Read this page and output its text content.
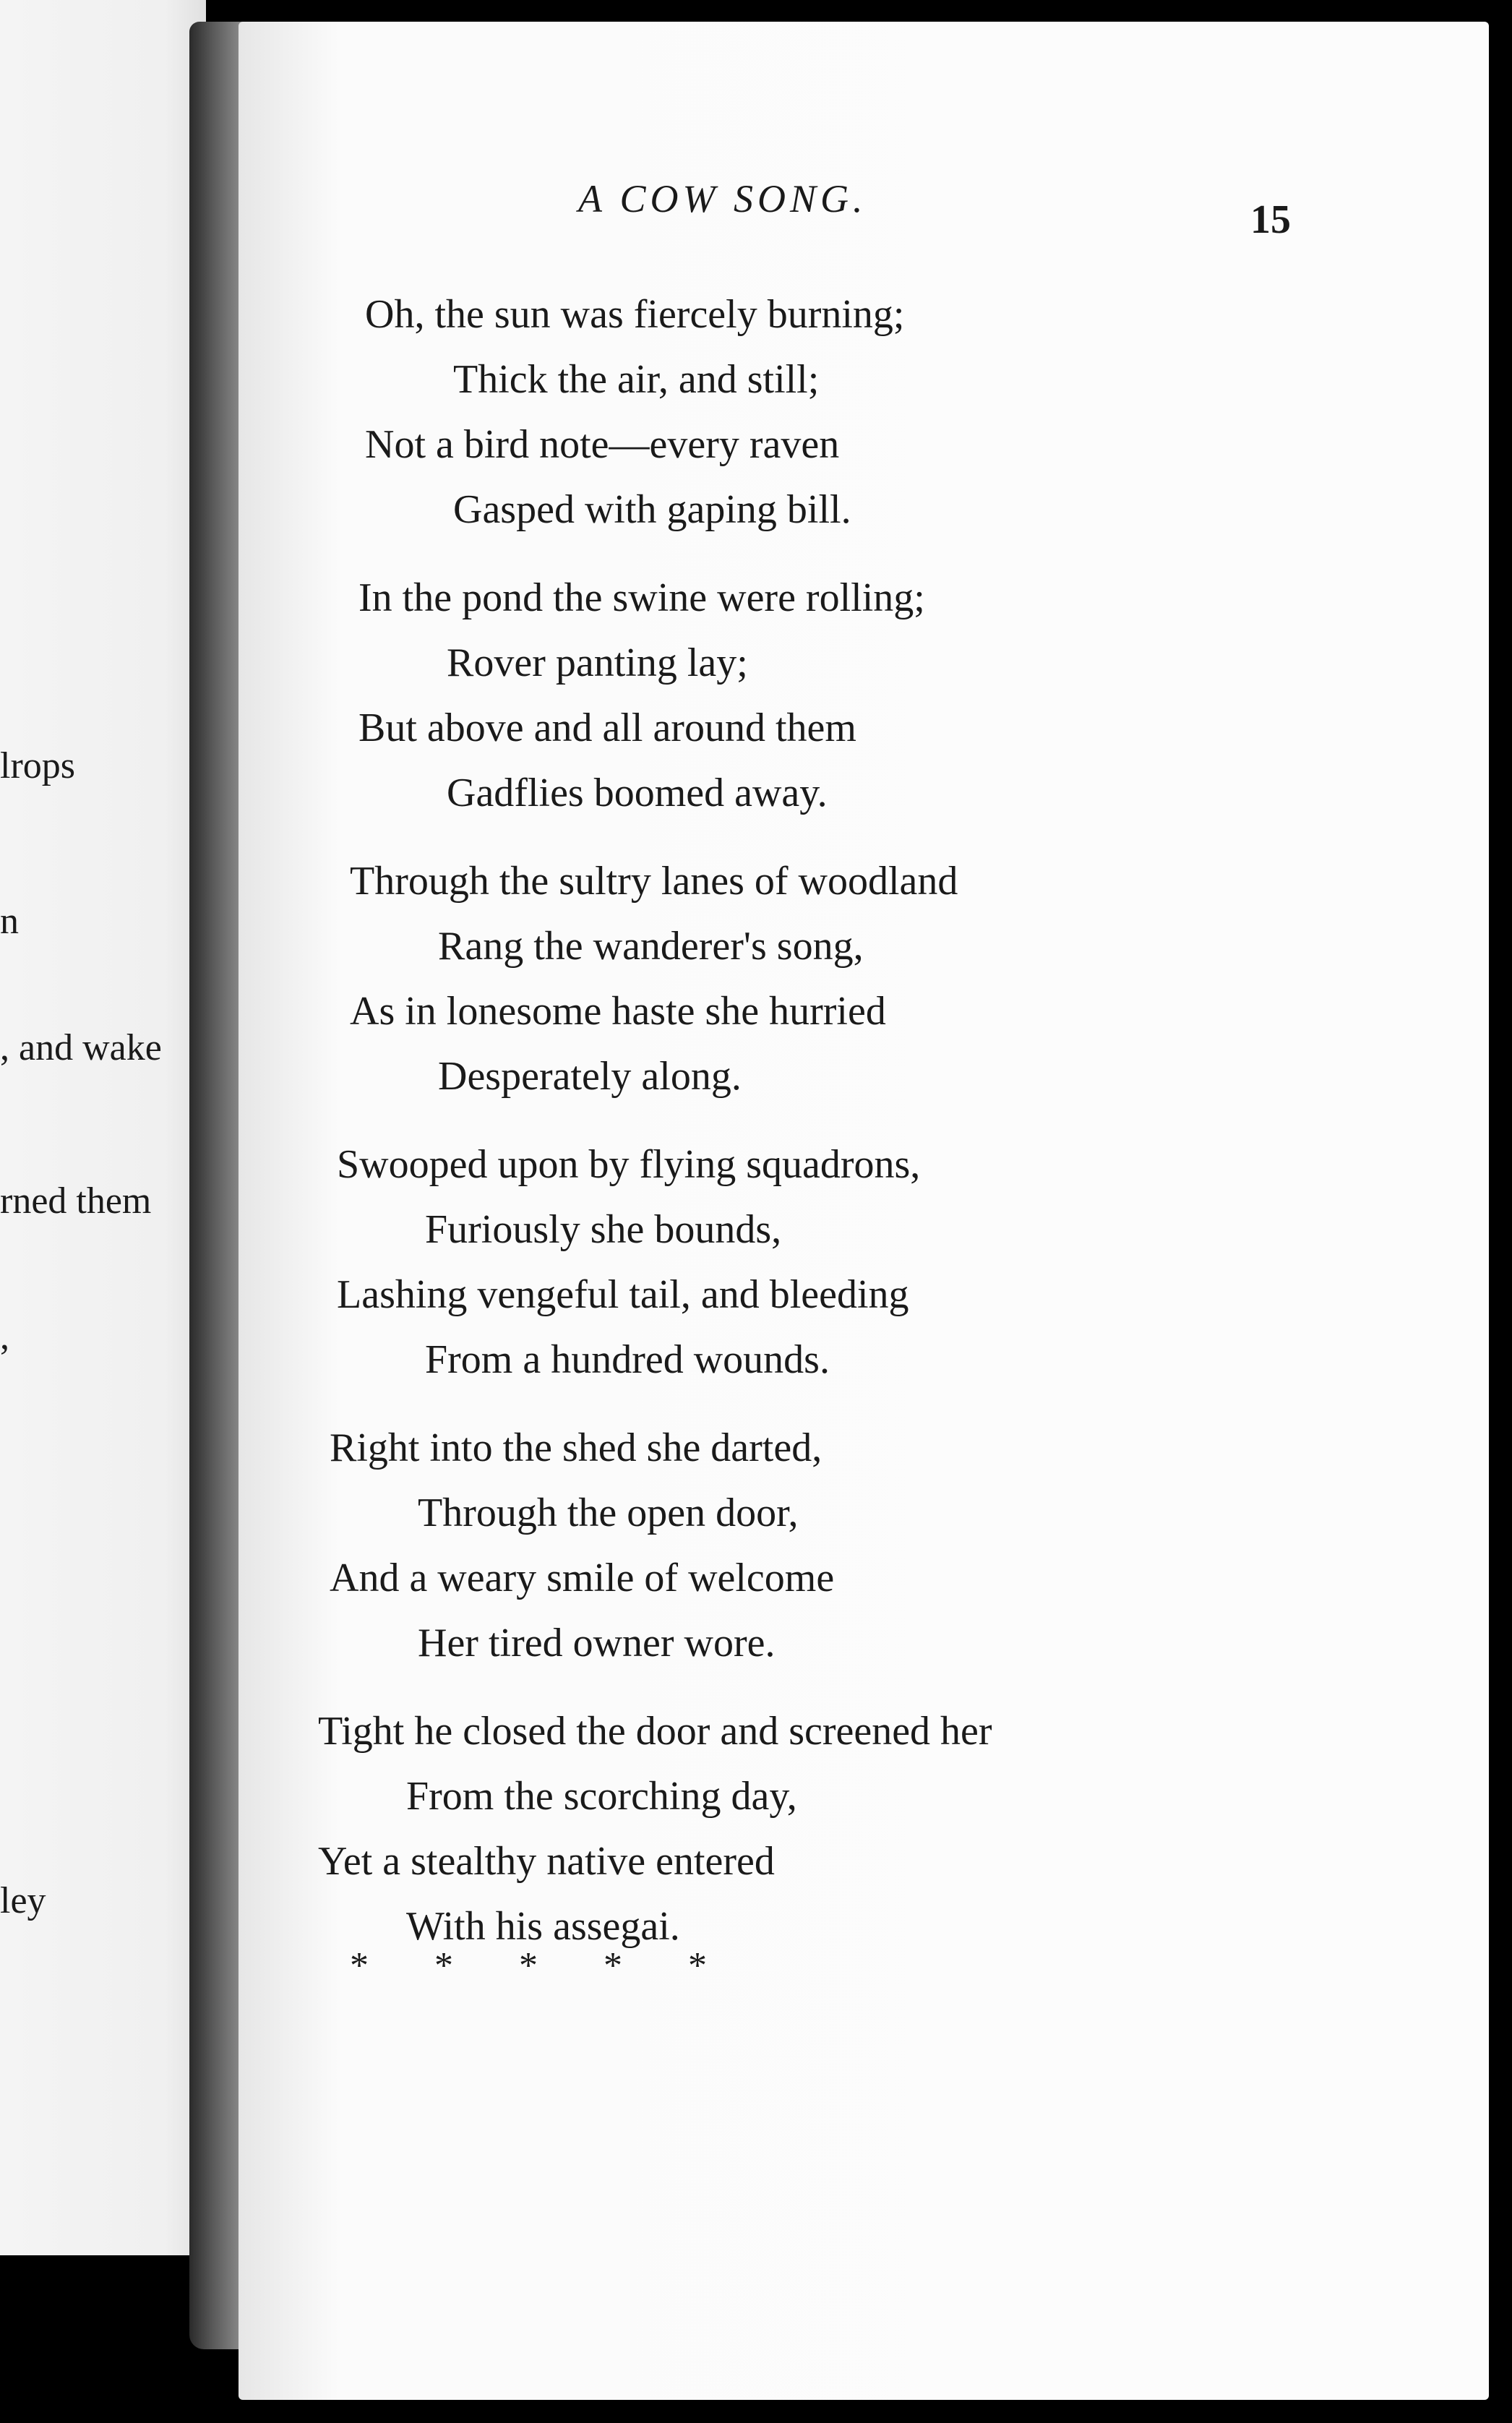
lrops
n
, and wake
rned them
,
ley
A COW SONG.	15
Oh, the sun was fiercely burning;
Thick the air, and still;
Not a bird note—every raven
Gasped with gaping bill.
In the pond the swine were rolling;
Rover panting lay;
But above and all around them
Gadflies boomed away.
Through the sultry lanes of woodland
Rang the wanderer's song,
As in lonesome haste she hurried
Desperately along.
Swooped upon by flying squadrons,
Furiously she bounds,
Lashing vengeful tail, and bleeding
From a hundred wounds.
Right into the shed she darted,
Through the open door,
And a weary smile of welcome
Her tired owner wore.
Tight he closed the door and screened her
From the scorching day,
Yet a stealthy native entered
With his assegai.
* * * * *
